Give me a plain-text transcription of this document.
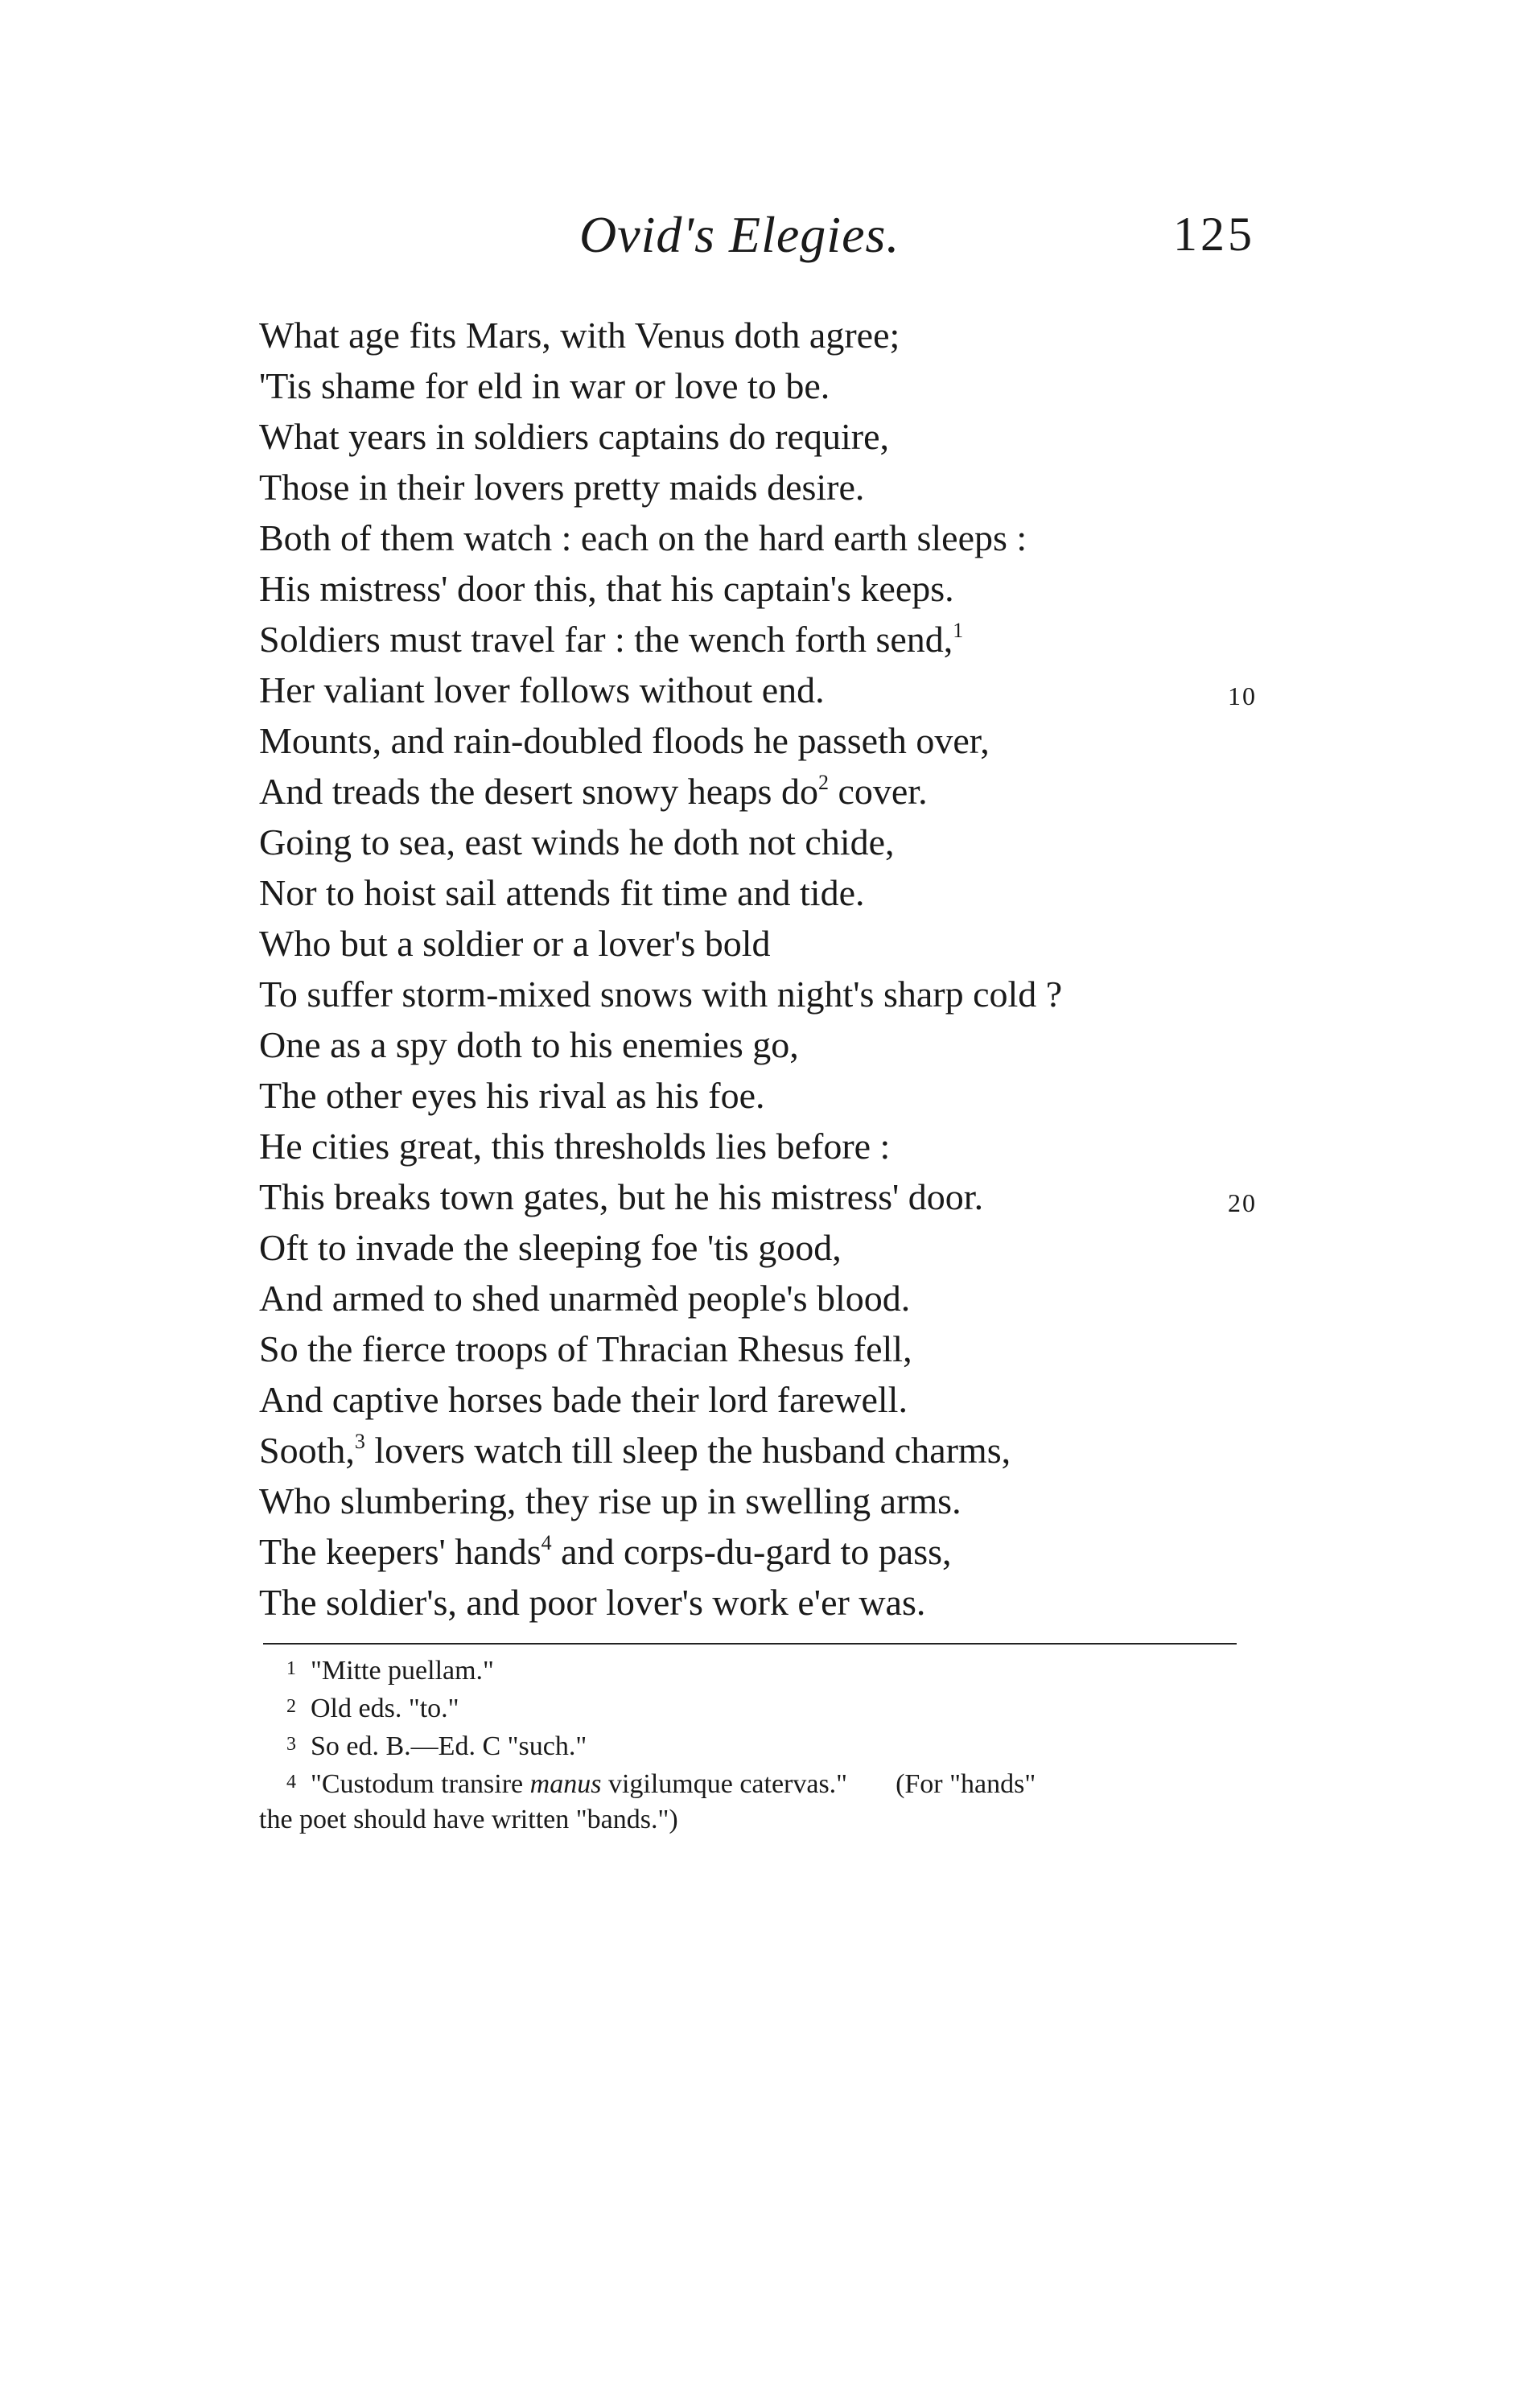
Ovid's Elegies.	125
What age fits Mars, with Venus doth agree;
'Tis shame for eld in war or love to be.
What years in soldiers captains do require,
Those in their lovers pretty maids desire.
Both of them watch : each on the hard earth sleeps :
His mistress' door this, that his captain's keeps.
Soldiers must travel far : the wench forth send,$^1$
Her valiant lover follows without end.	10
Mounts, and rain-doubled floods he passeth over,
And treads the desert snowy heaps $do^2$ cover.
Going to sea, east winds he doth not chide,
Nor to hoist sail attends fit time and tide.
Who but a soldier or a lover's bold
To suffer storm-mixed snows with night's sharp cold ?
One as a spy doth to his enemies go,
The other eyes his rival as his foe.
He cities great, this thresholds lies before :
This breaks town gates, but he his mistress' door.	20
Oft to invade the sleeping foe 'tis good,
And armed to shed unarmèd people's blood.
So the fierce troops of Thracian Rhesus fell,
And captive horses bade their lord farewell.
Sooth,$^3$ lovers watch till sleep the husband charms,
Who slumbering, they rise up in swelling arms.
The keepers' hands$^4$ and corps-du-gard to pass,
The soldier's, and poor lover's work e'er was.
1 "Mitte puellam."
2 Old eds. "to."
3 So ed. B.—Ed. C "such."
4 "Custodum transire manus vigilumque catervas." (For "hands"
the poet should have written "bands.")
